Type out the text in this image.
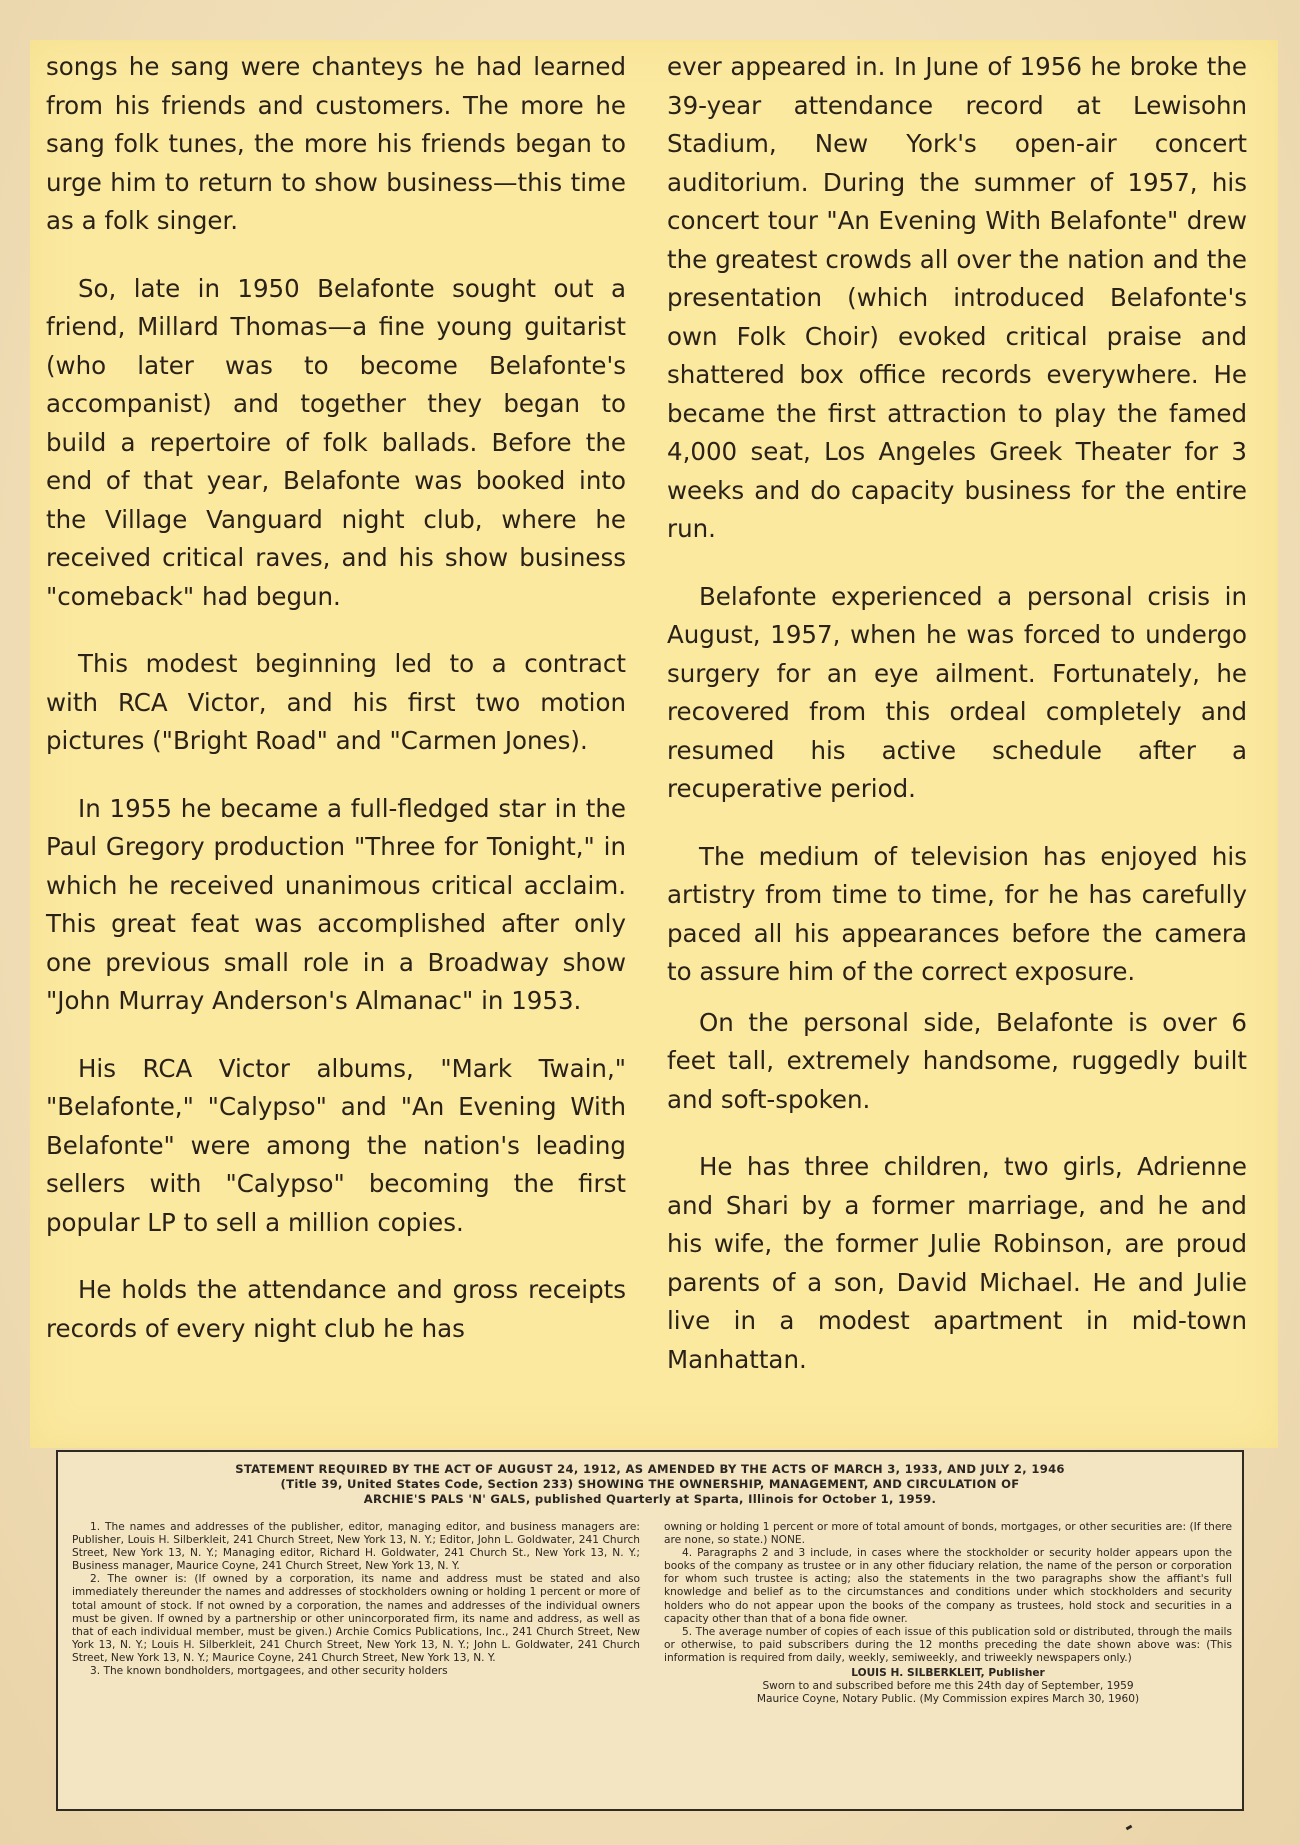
songs he sang were chanteys he had learned from his friends and customers. The more he sang folk tunes, the more his friends began to urge him to return to show business—this time as a folk singer.

So, late in 1950 Belafonte sought out a friend, Millard Thomas—a fine young guitarist (who later was to become Belafonte's accompanist) and together they began to build a repertoire of folk ballads. Before the end of that year, Belafonte was booked into the Village Vanguard night club, where he received critical raves, and his show business "comeback" had begun.

This modest beginning led to a contract with RCA Victor, and his first two motion pictures ("Bright Road" and "Carmen Jones).

In 1955 he became a full-fledged star in the Paul Gregory production "Three for Tonight," in which he received unanimous critical acclaim. This great feat was accomplished after only one previous small role in a Broadway show "John Murray Anderson's Almanac" in 1953.

His RCA Victor albums, "Mark Twain," "Belafonte," "Calypso" and "An Evening With Belafonte" were among the nation's leading sellers with "Calypso" becoming the first popular LP to sell a million copies.

He holds the attendance and gross receipts records of every night club he has

ever appeared in. In June of 1956 he broke the 39-year attendance record at Lewisohn Stadium, New York's open-air concert auditorium. During the summer of 1957, his concert tour "An Evening With Belafonte" drew the greatest crowds all over the nation and the presentation (which introduced Belafonte's own Folk Choir) evoked critical praise and shattered box office records everywhere. He became the first attraction to play the famed 4,000 seat, Los Angeles Greek Theater for 3 weeks and do capacity business for the entire run.

Belafonte experienced a personal crisis in August, 1957, when he was forced to undergo surgery for an eye ailment. Fortunately, he recovered from this ordeal completely and resumed his active schedule after a recuperative period.

The medium of television has enjoyed his artistry from time to time, for he has carefully paced all his appearances before the camera to assure him of the correct exposure.

On the personal side, Belafonte is over 6 feet tall, extremely handsome, ruggedly built and soft-spoken.

He has three children, two girls, Adrienne and Shari by a former marriage, and he and his wife, the former Julie Robinson, are proud parents of a son, David Michael. He and Julie live in a modest apartment in mid-town Manhattan.

STATEMENT REQUIRED BY THE ACT OF AUGUST 24, 1912, AS AMENDED BY THE ACTS OF MARCH 3, 1933, AND JULY 2, 1946
(Title 39, United States Code, Section 233) SHOWING THE OWNERSHIP, MANAGEMENT, AND CIRCULATION OF
ARCHIE'S PALS 'N' GALS, published Quarterly at Sparta, Illinois for October 1, 1959.

1. The names and addresses of the publisher, editor, managing editor, and business managers are: Publisher, Louis H. Silberkleit, 241 Church Street, New York 13, N. Y.; Editor, John L. Goldwater, 241 Church Street, New York 13, N. Y.; Managing editor, Richard H. Goldwater, 241 Church St., New York 13, N. Y.; Business manager, Maurice Coyne, 241 Church Street, New York 13, N. Y.

2. The owner is: (If owned by a corporation, its name and address must be stated and also immediately thereunder the names and addresses of stockholders owning or holding 1 percent or more of total amount of stock. If not owned by a corporation, the names and addresses of the individual owners must be given. If owned by a partnership or other unincorporated firm, its name and address, as well as that of each individual member, must be given.) Archie Comics Publications, Inc., 241 Church Street, New York 13, N. Y.; Louis H. Silberkleit, 241 Church Street, New York 13, N. Y.; John L. Goldwater, 241 Church Street, New York 13, N. Y.; Maurice Coyne, 241 Church Street, New York 13, N. Y.

3. The known bondholders, mortgagees, and other security holders

owning or holding 1 percent or more of total amount of bonds, mortgages, or other securities are: (If there are none, so state.) NONE.

4. Paragraphs 2 and 3 include, in cases where the stockholder or security holder appears upon the books of the company as trustee or in any other fiduciary relation, the name of the person or corporation for whom such trustee is acting; also the statements in the two paragraphs show the affiant's full knowledge and belief as to the circumstances and conditions under which stockholders and security holders who do not appear upon the books of the company as trustees, hold stock and securities in a capacity other than that of a bona fide owner.

5. The average number of copies of each issue of this publication sold or distributed, through the mails or otherwise, to paid subscribers during the 12 months preceding the date shown above was: (This information is required from daily, weekly, semiweekly, and triweekly newspapers only.)

LOUIS H. SILBERKLEIT, Publisher

Sworn to and subscribed before me this 24th day of September, 1959

Maurice Coyne, Notary Public. (My Commission expires March 30, 1960)
